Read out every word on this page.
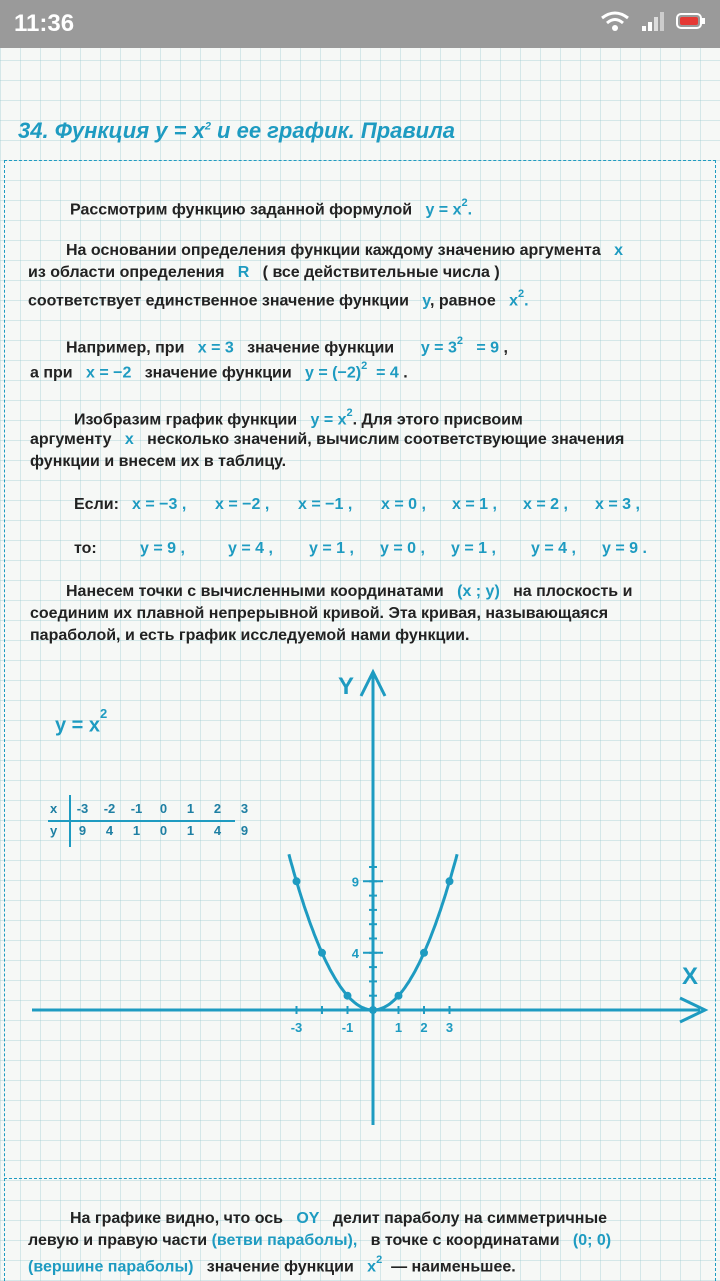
11:36
34. Функция $y = x^2$ и ее график. Правила
Рассмотрим функцию заданной формулой $y = x^2$.
На основании определения функции каждому значению аргумента x
из области определения R ( все действительные числа )
соответствует единственное значение функции y, равное $x^2$.
Например, при x = 3 значение функции $y = 3^2 = 9$ ,
а при x = −2 значение функции $y = (-2)^2 = 4$ .
Изобразим график функции $y = x^2$. Для этого присвоим
аргументу x несколько значений, вычислим соответствующие значения
функции и внесем их в таблицу.
Если: x = −3 , x = −2 , x = −1 , x = 0 , x = 1 , x = 2 , x = 3 ,
то:	y = 9 ,	y = 4 , y = 1 , y = 0 , y = 1 , y = 4 , y = 9 .
Нанесем точки с вычисленными координатами (x ; y) на плоскость и
соединим их плавной непрерывной кривой. Эта кривая, называющаяся
параболой, и есть график исследуемой нами функции.
$y = x^2$
x	-3 -2 -1	0	1	2	3
y	9	4	1	0	1	4	9
X
Y
-3	-1	1 2 3
9
4
На графике видно, что ось OY делит параболу на симметричные
левую и правую части (ветви параболы), в точке с координатами (0; 0)
(вершине параболы) значение функции $x^2$ — наименьшее.
